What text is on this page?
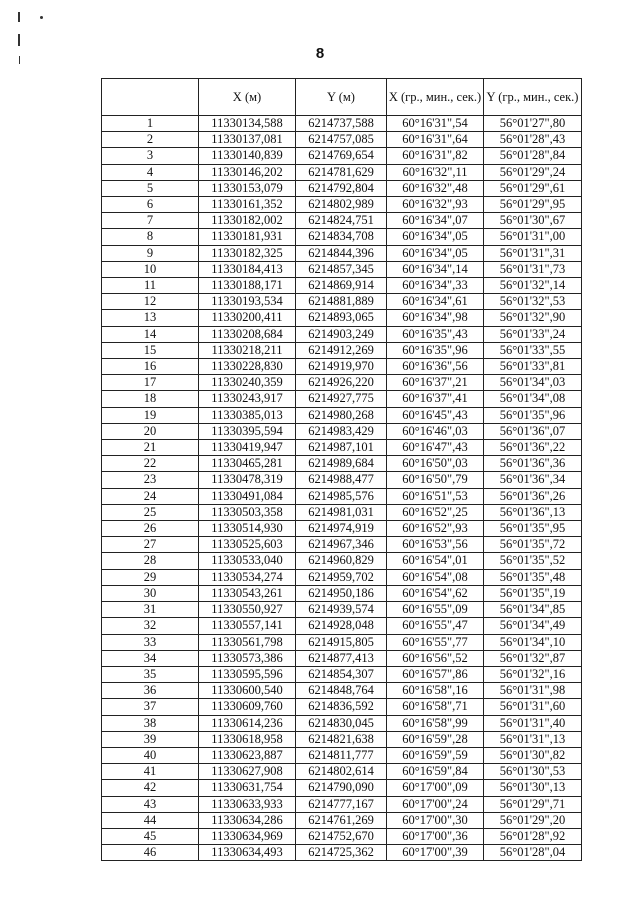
8
	X (м)	Y (м)	X (гр., мин., сек.)	Y (гр., мин., сек.)
1	11330134,588	6214737,588	60°16'31",54	56°01'27",80
2	11330137,081	6214757,085	60°16'31",64	56°01'28",43
3	11330140,839	6214769,654	60°16'31",82	56°01'28",84
4	11330146,202	6214781,629	60°16'32",11	56°01'29",24
5	11330153,079	6214792,804	60°16'32",48	56°01'29",61
6	11330161,352	6214802,989	60°16'32",93	56°01'29",95
7	11330182,002	6214824,751	60°16'34",07	56°01'30",67
8	11330181,931	6214834,708	60°16'34",05	56°01'31",00
9	11330182,325	6214844,396	60°16'34",05	56°01'31",31
10	11330184,413	6214857,345	60°16'34",14	56°01'31",73
11	11330188,171	6214869,914	60°16'34",33	56°01'32",14
12	11330193,534	6214881,889	60°16'34",61	56°01'32",53
13	11330200,411	6214893,065	60°16'34",98	56°01'32",90
14	11330208,684	6214903,249	60°16'35",43	56°01'33",24
15	11330218,211	6214912,269	60°16'35",96	56°01'33",55
16	11330228,830	6214919,970	60°16'36",56	56°01'33",81
17	11330240,359	6214926,220	60°16'37",21	56°01'34",03
18	11330243,917	6214927,775	60°16'37",41	56°01'34",08
19	11330385,013	6214980,268	60°16'45",43	56°01'35",96
20	11330395,594	6214983,429	60°16'46",03	56°01'36",07
21	11330419,947	6214987,101	60°16'47",43	56°01'36",22
22	11330465,281	6214989,684	60°16'50",03	56°01'36",36
23	11330478,319	6214988,477	60°16'50",79	56°01'36",34
24	11330491,084	6214985,576	60°16'51",53	56°01'36",26
25	11330503,358	6214981,031	60°16'52",25	56°01'36",13
26	11330514,930	6214974,919	60°16'52",93	56°01'35",95
27	11330525,603	6214967,346	60°16'53",56	56°01'35",72
28	11330533,040	6214960,829	60°16'54",01	56°01'35",52
29	11330534,274	6214959,702	60°16'54",08	56°01'35",48
30	11330543,261	6214950,186	60°16'54",62	56°01'35",19
31	11330550,927	6214939,574	60°16'55",09	56°01'34",85
32	11330557,141	6214928,048	60°16'55",47	56°01'34",49
33	11330561,798	6214915,805	60°16'55",77	56°01'34",10
34	11330573,386	6214877,413	60°16'56",52	56°01'32",87
35	11330595,596	6214854,307	60°16'57",86	56°01'32",16
36	11330600,540	6214848,764	60°16'58",16	56°01'31",98
37	11330609,760	6214836,592	60°16'58",71	56°01'31",60
38	11330614,236	6214830,045	60°16'58",99	56°01'31",40
39	11330618,958	6214821,638	60°16'59",28	56°01'31",13
40	11330623,887	6214811,777	60°16'59",59	56°01'30",82
41	11330627,908	6214802,614	60°16'59",84	56°01'30",53
42	11330631,754	6214790,090	60°17'00",09	56°01'30",13
43	11330633,933	6214777,167	60°17'00",24	56°01'29",71
44	11330634,286	6214761,269	60°17'00",30	56°01'29",20
45	11330634,969	6214752,670	60°17'00",36	56°01'28",92
46	11330634,493	6214725,362	60°17'00",39	56°01'28",04
